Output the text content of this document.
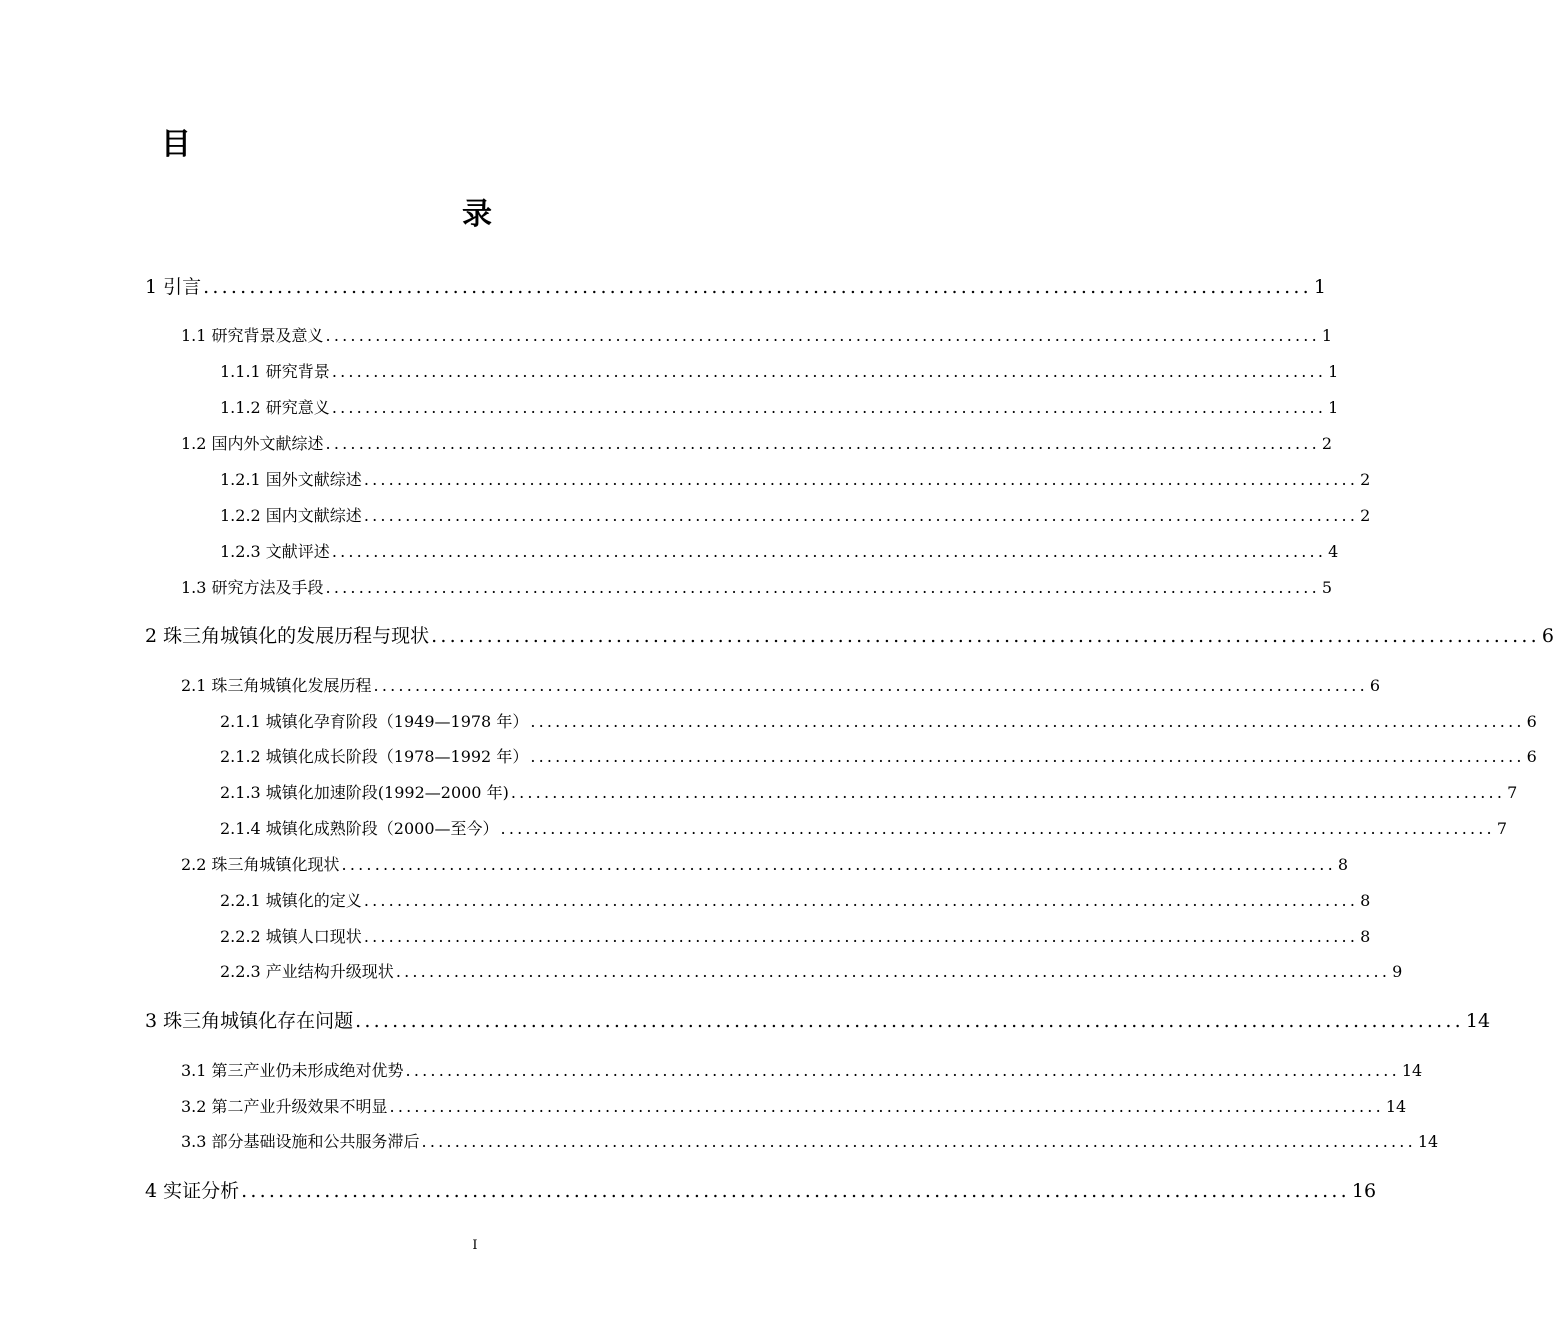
目
录
1 引言 ........................................................................................................................ 1
1.1 研究背景及意义 ........................................................................................................................ 1
1.1.1 研究背景 ........................................................................................................................ 1
1.1.2 研究意义 ........................................................................................................................ 1
1.2 国内外文献综述 ........................................................................................................................ 2
1.2.1 国外文献综述 ........................................................................................................................ 2
1.2.2 国内文献综述 ........................................................................................................................ 2
1.2.3 文献评述 ........................................................................................................................ 4
1.3 研究方法及手段 ........................................................................................................................ 5
2 珠三角城镇化的发展历程与现状 ........................................................................................................................ 6
2.1 珠三角城镇化发展历程 ........................................................................................................................ 6
2.1.1 城镇化孕育阶段（1949—1978 年） ........................................................................................................................ 6
2.1.2 城镇化成长阶段（1978—1992 年） ........................................................................................................................ 6
2.1.3 城镇化加速阶段(1992—2000 年) ........................................................................................................................ 7
2.1.4 城镇化成熟阶段（2000—至今） ........................................................................................................................ 7
2.2 珠三角城镇化现状 ........................................................................................................................ 8
2.2.1 城镇化的定义 ........................................................................................................................ 8
2.2.2 城镇人口现状 ........................................................................................................................ 8
2.2.3 产业结构升级现状 ........................................................................................................................ 9
3 珠三角城镇化存在问题 ........................................................................................................................ 14
3.1 第三产业仍未形成绝对优势 ........................................................................................................................ 14
3.2 第二产业升级效果不明显 ........................................................................................................................ 14
3.3 部分基础设施和公共服务滞后 ........................................................................................................................ 14
4 实证分析 ........................................................................................................................ 16
I
